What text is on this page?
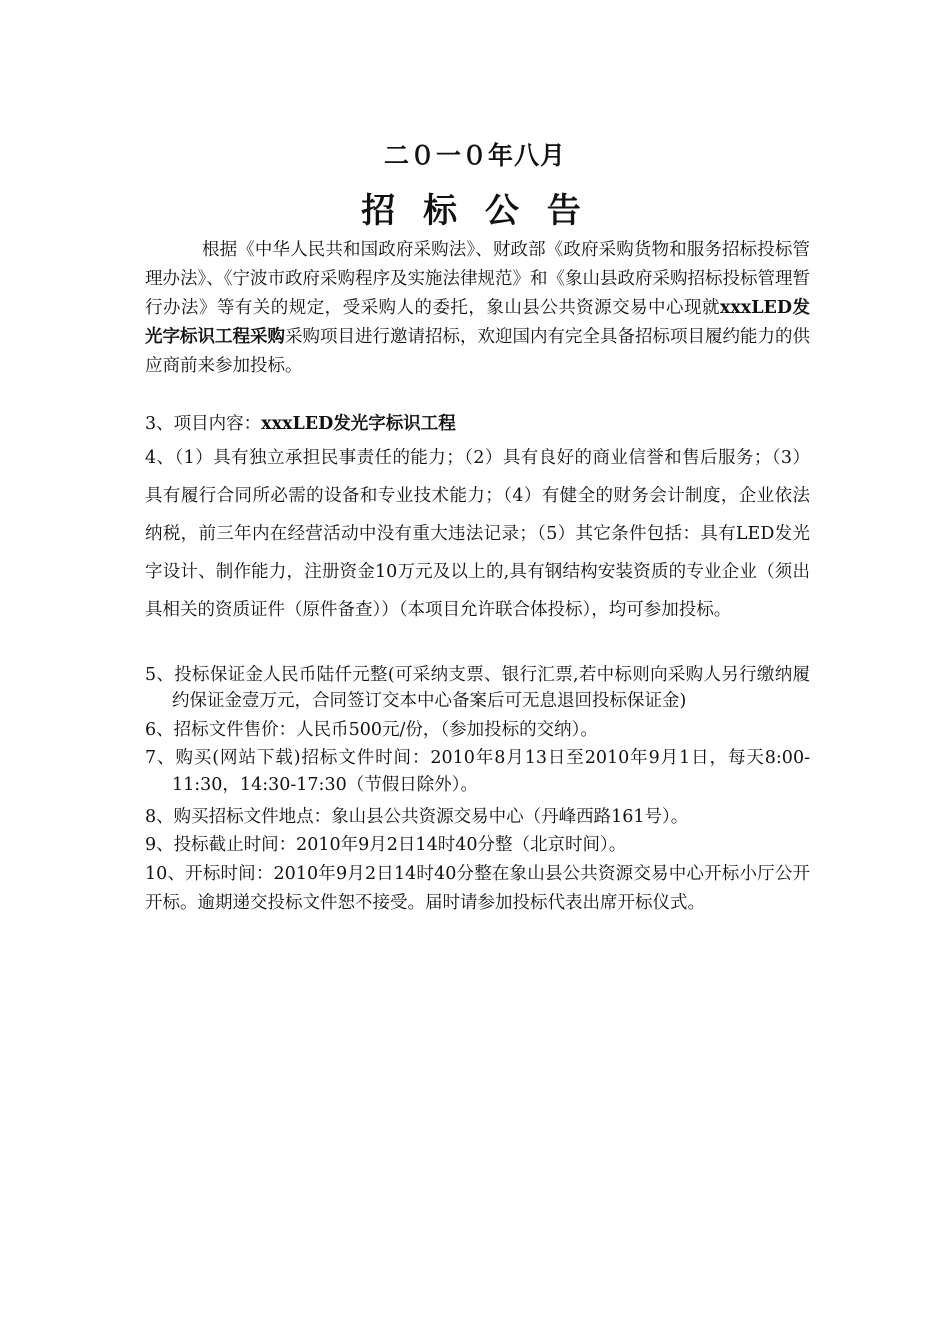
二０一０年八月
招 标 公 告
根据《中华人民共和国政府采购法》、财政部《政府采购货物和服务招标投标管理办法》、《宁波市政府采购程序及实施法律规范》和《象山县政府采购招标投标管理暂行办法》等有关的规定，受采购人的委托，象山县公共资源交易中心现就xxxLED发光字标识工程采购采购项目进行邀请招标，欢迎国内有完全具备招标项目履约能力的供应商前来参加投标。
3、项目内容：xxxLED发光字标识工程
4、（1）具有独立承担民事责任的能力；（2）具有良好的商业信誉和售后服务；（3）具有履行合同所必需的设备和专业技术能力；（4）有健全的财务会计制度，企业依法纳税，前三年内在经营活动中没有重大违法记录；（5）其它条件包括：具有LED发光字设计、制作能力，注册资金10万元及以上的,具有钢结构安装资质的专业企业（须出具相关的资质证件（原件备查））（本项目允许联合体投标），均可参加投标。
5、投标保证金人民币陆仟元整(可采纳支票、银行汇票,若中标则向采购人另行缴纳履约保证金壹万元，合同签订交本中心备案后可无息退回投标保证金)
6、招标文件售价：人民币500元/份，（参加投标的交纳）。
7、购买(网站下载)招标文件时间：2010年8月13日至2010年9月1日，每天8:00-11:30，14:30-17:30（节假日除外）。
8、购买招标文件地点：象山县公共资源交易中心（丹峰西路161号）。
9、投标截止时间：2010年9月2日14时40分整（北京时间）。
10、开标时间：2010年9月2日14时40分整在象山县公共资源交易中心开标小厅公开开标。逾期递交投标文件恕不接受。届时请参加投标代表出席开标仪式。
